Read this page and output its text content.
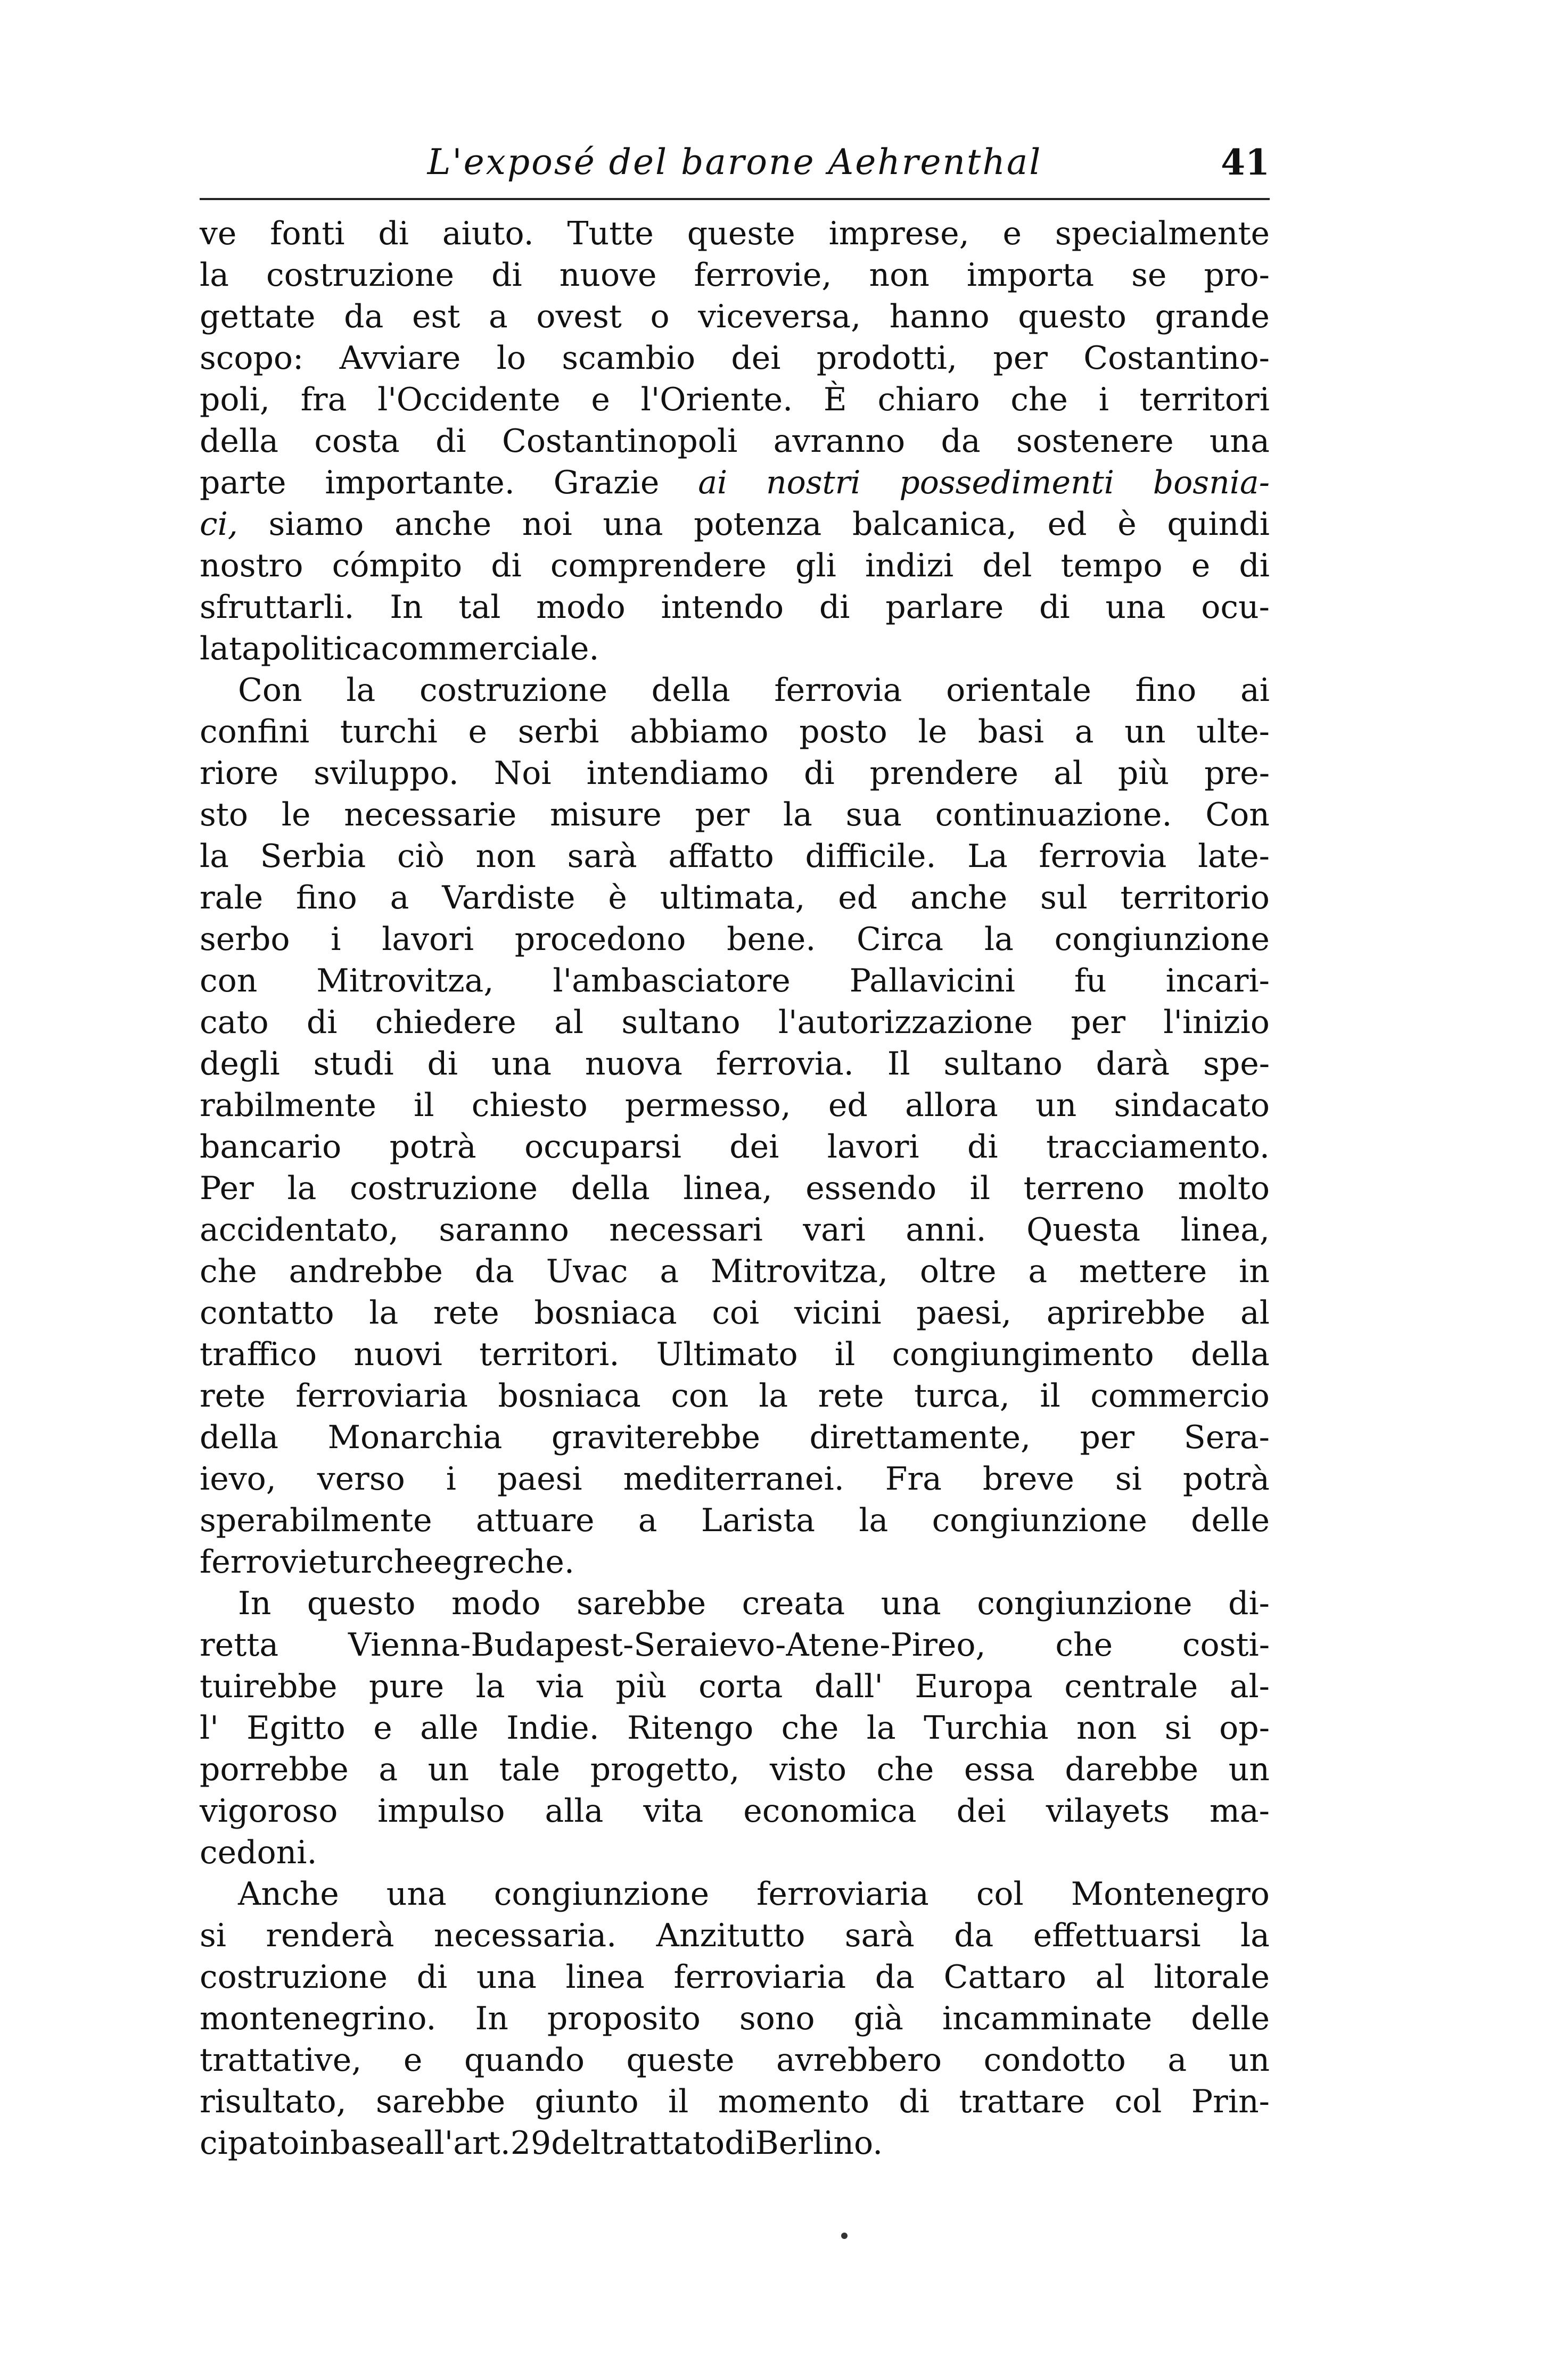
L'exposé del barone Aehrenthal	41
ve fonti di aiuto. Tutte queste imprese, e specialmente
la costruzione di nuove ferrovie, non importa se pro-
gettate da est a ovest o viceversa, hanno questo grande
scopo: Avviare lo scambio dei prodotti, per Costantino-
poli, fra l'Occidente e l'Oriente. È chiaro che i territori
della costa di Costantinopoli avranno da sostenere una
parte importante. Grazie ai nostri possedimenti bosnia-
ci, siamo anche noi una potenza balcanica, ed è quindi
nostro cómpito di comprendere gli indizi del tempo e di
sfruttarli. In tal modo intendo di parlare di una ocu-
lata politica commerciale.
Con la costruzione della ferrovia orientale fino ai
confini turchi e serbi abbiamo posto le basi a un ulte-
riore sviluppo. Noi intendiamo di prendere al più pre-
sto le necessarie misure per la sua continuazione. Con
la Serbia ciò non sarà affatto difficile. La ferrovia late-
rale fino a Vardiste è ultimata, ed anche sul territorio
serbo i lavori procedono bene. Circa la congiunzione
con Mitrovitza, l'ambasciatore Pallavicini fu incari-
cato di chiedere al sultano l'autorizzazione per l'inizio
degli studi di una nuova ferrovia. Il sultano darà spe-
rabilmente il chiesto permesso, ed allora un sindacato
bancario potrà occuparsi dei lavori di tracciamento.
Per la costruzione della linea, essendo il terreno molto
accidentato, saranno necessari vari anni. Questa linea,
che andrebbe da Uvac a Mitrovitza, oltre a mettere in
contatto la rete bosniaca coi vicini paesi, aprirebbe al
traffico nuovi territori. Ultimato il congiungimento della
rete ferroviaria bosniaca con la rete turca, il commercio
della Monarchia graviterebbe direttamente, per Sera-
ievo, verso i paesi mediterranei. Fra breve si potrà
sperabilmente attuare a Larista la congiunzione delle
ferrovie turche e greche.
In questo modo sarebbe creata una congiunzione di-
retta Vienna-Budapest-Seraievo-Atene-Pireo, che costi-
tuirebbe pure la via più corta dall' Europa centrale al-
l' Egitto e alle Indie. Ritengo che la Turchia non si op-
porrebbe a un tale progetto, visto che essa darebbe un
vigoroso impulso alla vita economica dei vilayets ma-
cedoni.
Anche una congiunzione ferroviaria col Montenegro
si renderà necessaria. Anzitutto sarà da effettuarsi la
costruzione di una linea ferroviaria da Cattaro al litorale
montenegrino. In proposito sono già incamminate delle
trattative, e quando queste avrebbero condotto a un
risultato, sarebbe giunto il momento di trattare col Prin-
cipato in base all'art. 29 del trattato di Berlino.
